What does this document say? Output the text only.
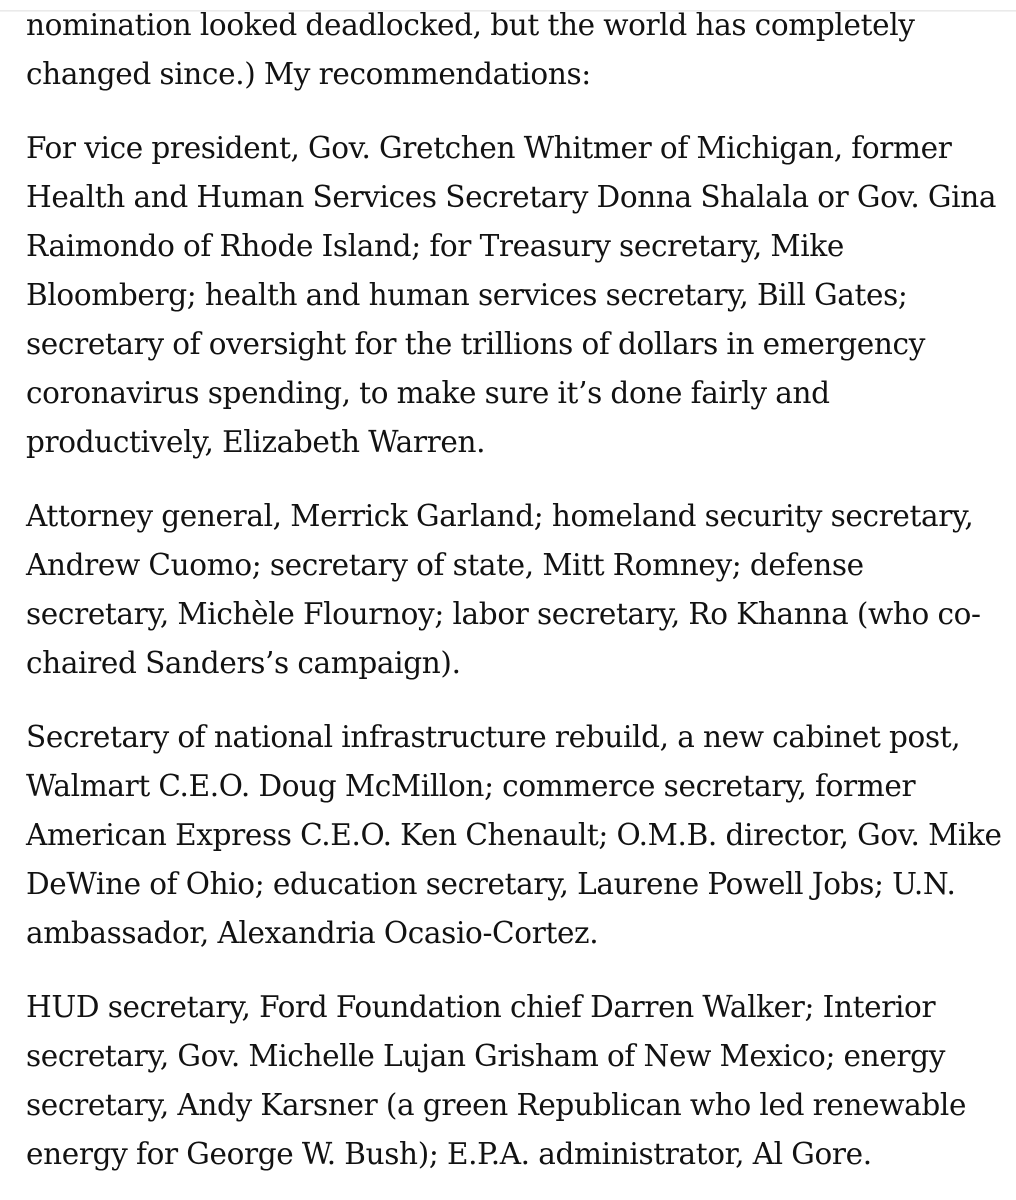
nomination looked deadlocked, but the world has completely
changed since.) My recommendations:

For vice president, Gov. Gretchen Whitmer of Michigan, former
Health and Human Services Secretary Donna Shalala or Gov. Gina
Raimondo of Rhode Island; for Treasury secretary, Mike
Bloomberg; health and human services secretary, Bill Gates;
secretary of oversight for the trillions of dollars in emergency
coronavirus spending, to make sure it’s done fairly and
productively, Elizabeth Warren.

Attorney general, Merrick Garland; homeland security secretary,
Andrew Cuomo; secretary of state, Mitt Romney; defense
secretary, Michèle Flournoy; labor secretary, Ro Khanna (who co-
chaired Sanders’s campaign).

Secretary of national infrastructure rebuild, a new cabinet post,
Walmart C.E.O. Doug McMillon; commerce secretary, former
American Express C.E.O. Ken Chenault; O.M.B. director, Gov. Mike
DeWine of Ohio; education secretary, Laurene Powell Jobs; U.N.
ambassador, Alexandria Ocasio-Cortez.

HUD secretary, Ford Foundation chief Darren Walker; Interior
secretary, Gov. Michelle Lujan Grisham of New Mexico; energy
secretary, Andy Karsner (a green Republican who led renewable
energy for George W. Bush); E.P.A. administrator, Al Gore.
